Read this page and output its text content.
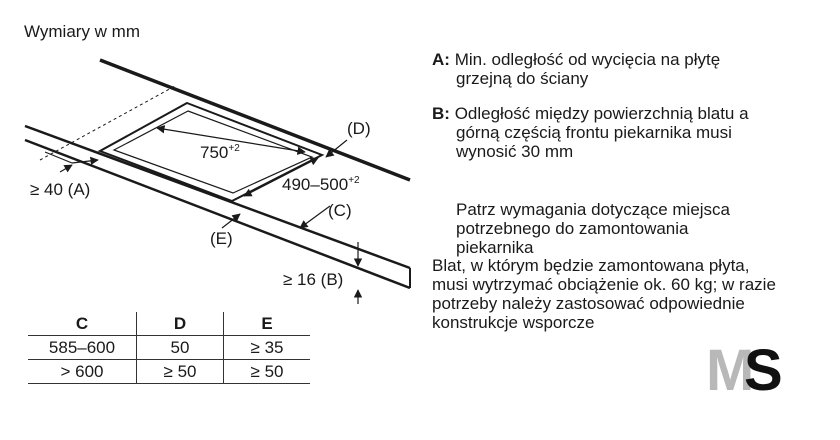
Wymiary w mm
$750^{+2}$
$490-500^{+2}$
(D)
≥ 40 (A)
(C)
(E)
≥ 16 (B)
A: Min. odległość od wycięcia na płytę
grzejną do ściany
B: Odległość między powierzchnią blatu a
górną częścią frontu piekarnika musi
wynosić 30 mm
Patrz wymagania dotyczące miejsca
potrzebnego do zamontowania
piekarnika
Blat, w którym będzie zamontowana płyta,
musi wytrzymać obciążenie ok. 60 kg; w razie
potrzeby należy zastosować odpowiednie
konstrukcje wsporcze
C	D	E
585–600	50	≥ 35
> 600	≥ 50	≥ 50	M
S
